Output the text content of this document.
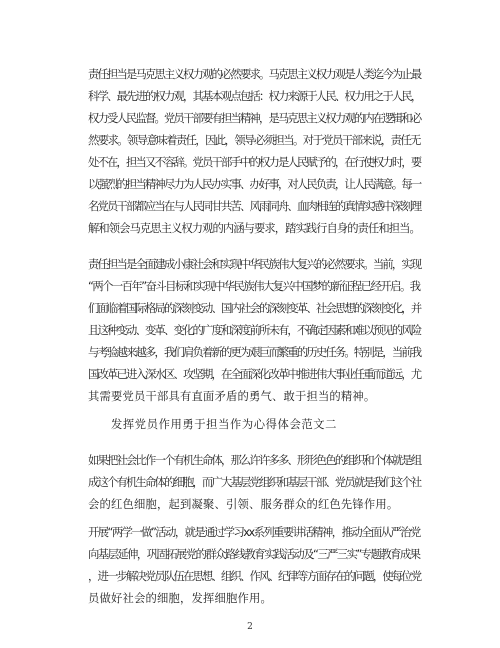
责任担当是马克思主义权力观的必然要求。马克思主义权力观是人类迄今为止最
科学、最先进的权力观，其基本观点包括：权力来源于人民、权力用之于人民，
权力受人民监督。党员干部要有担当精神，是马克思主义权力观的内在逻辑和必
然要求。领导意味着责任，因此，领导必须担当。对于党员干部来说，责任无
处不在，担当又不容辞。党员干部手中的权力是人民赋予的，在行使权力时，要
以强烈的担当精神尽力为人民办实事、办好事，对人民负责，让人民满意。每一
名党员干部都应当在与人民同甘共苦、风雨同舟、血肉相连的真情实感中深刻理
解和领会马克思主义权力观的内涵与要求，踏实践行自身的责任和担当。
责任担当是全面建成小康社会和实现中华民族伟大复兴的必然要求。当前，实现
“两个一百年”奋斗目标和实现中华民族伟大复兴中国梦的新征程已经开启。我
们面临着国际格局的深刻变动、国内社会的深刻变革、社会思想的深刻变化，并
且这种变动、变革、变化的广度和深度前所未有，不确定因素和难以预见的风险
与考验越来越多，我们肩负着新的更为艰巨而繁重的历史任务。特别是，当前我
国改革已进入深水区、攻坚期，在全面深化改革中推进伟大事业任重而道远，尤
其需要党员干部具有直面矛盾的勇气、敢于担当的精神。
发挥党员作用勇于担当作为心得体会范文二
如果把社会比作一个有机生命体，那么许许多多、形形色色的组织和个体就是组
成这个有机生命体的细胞，而广大基层党组织和基层干部、党员就是我们这个社
会的红色细胞，起到凝聚、引领、服务群众的红色先锋作用。
开展“两学一做”活动，就是通过学习xx系列重要讲话精神，推动全面从严治党
向基层延伸，巩固拓展党的群众路线教育实践活动及“三严三实”专题教育成果
，进一步解决党员队伍在思想、组织、作风、纪律等方面存在的问题，使每位党
员做好社会的细胞，发挥细胞作用。
2
